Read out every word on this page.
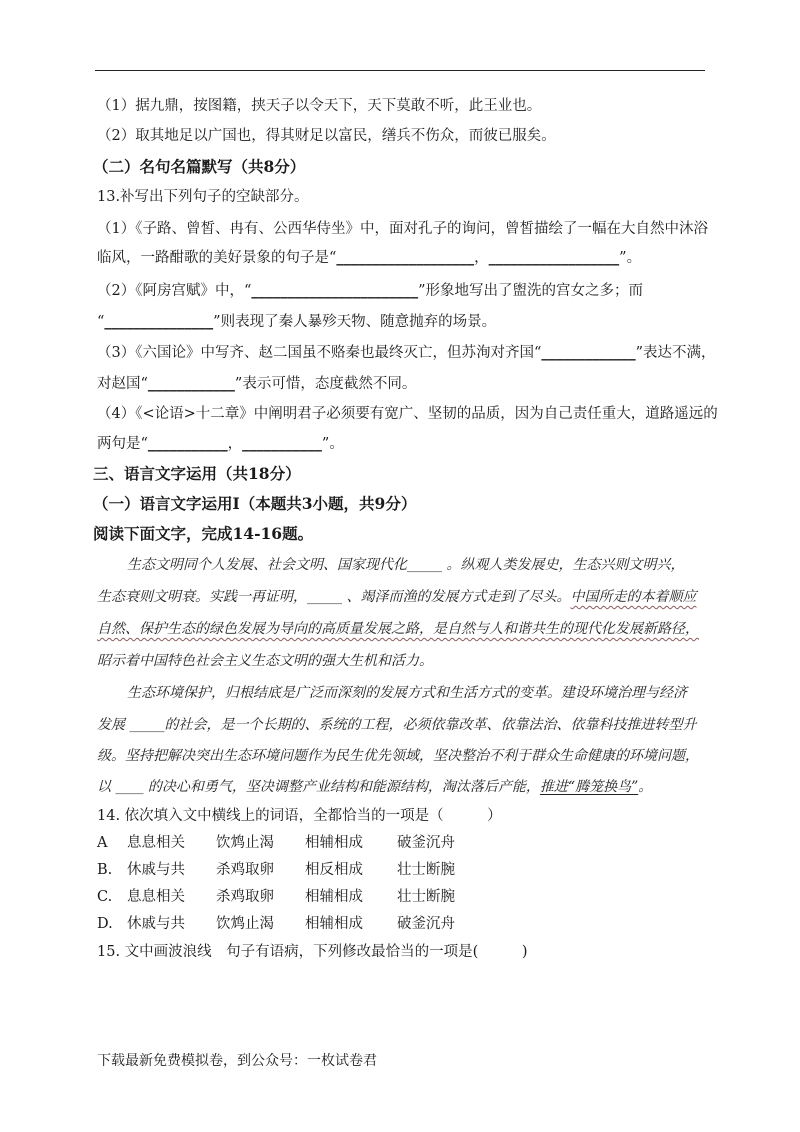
（1）据九鼎，按图籍，挟天子以令天下，天下莫敢不听，此王业也。
（2）取其地足以广国也，得其财足以富民，缮兵不伤众，而彼已服矣。
（二）名句名篇默写（共8分）
13.补写出下列句子的空缺部分。
（1）《子路、曾皙、冉有、公西华侍坐》中，面对孔子的询问，曾皙描绘了一幅在大自然中沐浴
临风，一路酣歌的美好景象的句子是“___________________，__________________”。
（2）《阿房宫赋》中，“_______________________”形象地写出了盥洗的宫女之多；而
“_______________”则表现了秦人暴殄天物、随意抛弃的场景。
（3）《六国论》中写齐、赵二国虽不赂秦也最终灭亡，但苏洵对齐国“_____________”表达不满，
对赵国“____________”表示可惜，态度截然不同。
（4）《<论语>十二章》中阐明君子必须要有宽广、坚韧的品质，因为自己责任重大，道路遥远的
两句是“___________，___________”。
三、语言文字运用（共18分）
（一）语言文字运用Ⅰ（本题共3小题，共9分）
阅读下面文字，完成14-16题。
生态文明同个人发展、社会文明、国家现代化_____ 。纵观人类发展史，生态兴则文明兴，
生态衰则文明衰。实践一再证明，_____ 、竭泽而渔的发展方式走到了尽头。中国所走的本着顺应
自然、保护生态的绿色发展为导向的高质量发展之路，是自然与人和谐共生的现代化发展新路径，
昭示着中国特色社会主义生态文明的强大生机和活力。
生态环境保护，归根结底是广泛而深刻的发展方式和生活方式的变革。建设环境治理与经济
发展 _____的社会，是一个长期的、系统的工程，必须依靠改革、依靠法治、依靠科技推进转型升
级。坚持把解决突出生态环境问题作为民生优先领域，坚决整治不利于群众生命健康的环境问题，
以 ____ 的决心和勇气，坚决调整产业结构和能源结构，淘汰落后产能，推进“腾笼换鸟”。
14. 依次填入文中横线上的词语，全都恰当的一项是（　　　）
A 息息相关 饮鸩止渴 相辅相成 破釜沉舟
B. 休戚与共 杀鸡取卵 相反相成 壮士断腕
C. 息息相关 杀鸡取卵 相辅相成 壮士断腕
D. 休戚与共 饮鸩止渴 相辅相成 破釜沉舟
15. 文中画波浪线　句子有语病，下列修改最恰当的一项是(　　　)
下载最新免费模拟卷，到公众号：一枚试卷君
